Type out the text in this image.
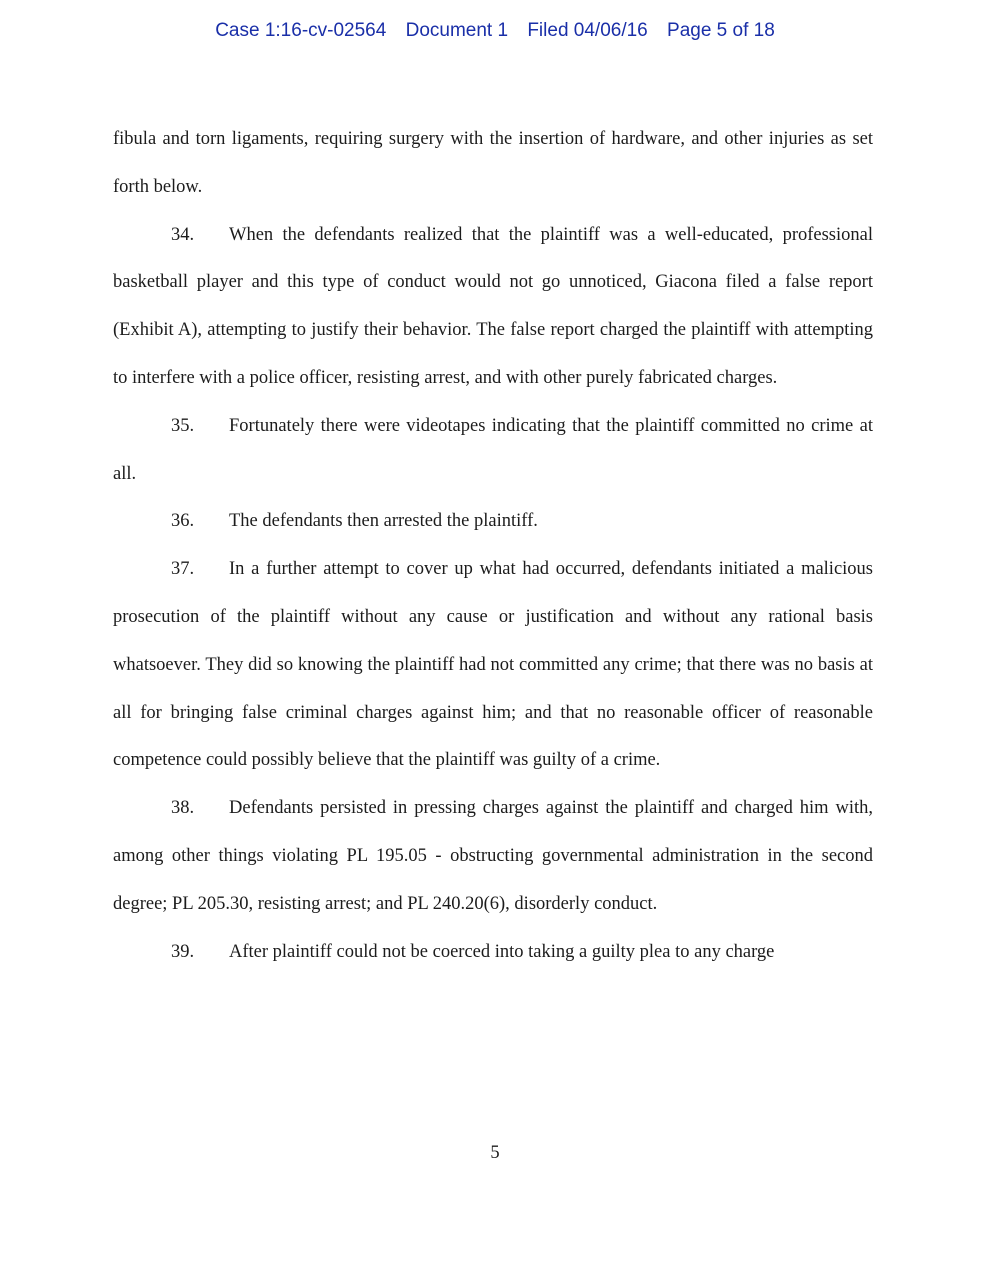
Case 1:16-cv-02564 Document 1 Filed 04/06/16 Page 5 of 18

fibula and torn ligaments, requiring surgery with the insertion of hardware, and other injuries as set forth below.

34. When the defendants realized that the plaintiff was a well-educated, professional basketball player and this type of conduct would not go unnoticed, Giacona filed a false report (Exhibit A), attempting to justify their behavior. The false report charged the plaintiff with attempting to interfere with a police officer, resisting arrest, and with other purely fabricated charges.

35. Fortunately there were videotapes indicating that the plaintiff committed no crime at all.

36. The defendants then arrested the plaintiff.

37. In a further attempt to cover up what had occurred, defendants initiated a malicious prosecution of the plaintiff without any cause or justification and without any rational basis whatsoever. They did so knowing the plaintiff had not committed any crime; that there was no basis at all for bringing false criminal charges against him; and that no reasonable officer of reasonable competence could possibly believe that the plaintiff was guilty of a crime.

38. Defendants persisted in pressing charges against the plaintiff and charged him with, among other things violating PL 195.05 - obstructing governmental administration in the second degree; PL 205.30, resisting arrest; and PL 240.20(6), disorderly conduct.

39. After plaintiff could not be coerced into taking a guilty plea to any charge

5
